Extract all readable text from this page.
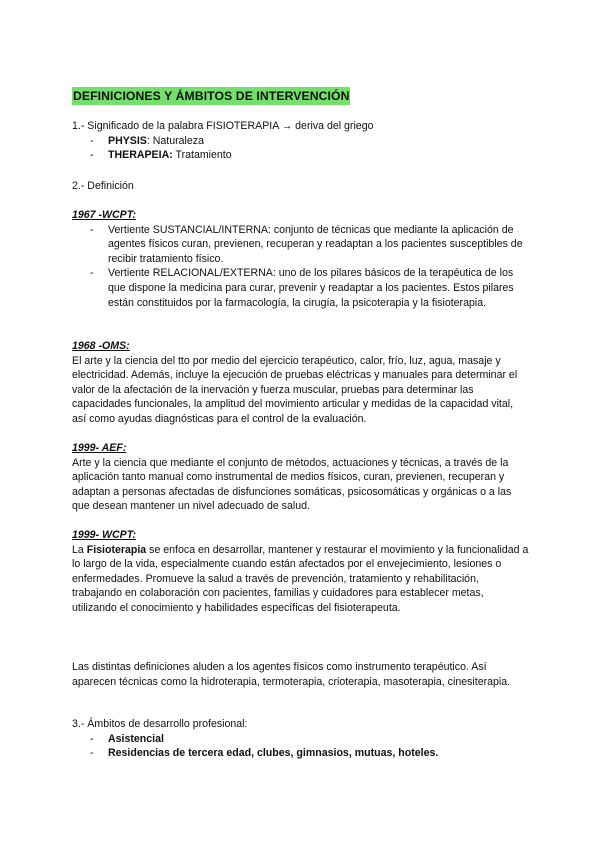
DEFINICIONES Y ÁMBITOS DE INTERVENCIÓN

1.- Significado de la palabra FISIOTERAPIA → deriva del griego

- PHYSIS: Naturaleza
- THERAPEIA: Tratamiento
2.- Definición

1967 -WCPT:

- Vertiente SUSTANCIAL/INTERNA: conjunto de técnicas que mediante la aplicación de agentes físicos curan, previenen, recuperan y readaptan a los pacientes susceptibles de recibir tratamiento físico.
- Vertiente RELACIONAL/EXTERNA: uno de los pilares básicos de la terapéutica de los que dispone la medicina para curar, prevenir y readaptar a los pacientes. Estos pilares están constituidos por la farmacología, la cirugía, la psicoterapia y la fisioterapia.

1968 -OMS:

El arte y la ciencia del tto por medio del ejercicio terapéutico, calor, frío, luz, agua, masaje y electricidad. Además, incluye la ejecución de pruebas eléctricas y manuales para determinar el valor de la afectación de la inervación y fuerza muscular, pruebas para determinar las capacidades funcionales, la amplitud del movimiento articular y medidas de la capacidad vital, así como ayudas diagnósticas para el control de la evaluación.

1999- AEF:

Arte y la ciencia que mediante el conjunto de métodos, actuaciones y técnicas, a través de la aplicación tanto manual como instrumental de medios físicos, curan, previenen, recuperan y adaptan a personas afectadas de disfunciones somáticas, psicosomáticas y orgánicas o a las que desean mantener un nivel adecuado de salud.

1999- WCPT:

La Fisioterapia se enfoca en desarrollar, mantener y restaurar el movimiento y la funcionalidad a lo largo de la vida, especialmente cuando están afectados por el envejecimiento, lesiones o enfermedades. Promueve la salud a través de prevención, tratamiento y rehabilitación, trabajando en colaboración con pacientes, familias y cuidadores para establecer metas, utilizando el conocimiento y habilidades específicas del fisioterapeuta.

Las distintas definiciones aluden a los agentes físicos como instrumento terapéutico. Así aparecen técnicas como la hidroterapia, termoterapia, crioterapia, masoterapia, cinesiterapia.

3.- Ámbitos de desarrollo profesional:

- Asistencial
- Residencias de tercera edad, clubes, gimnasios, mutuas, hoteles.
